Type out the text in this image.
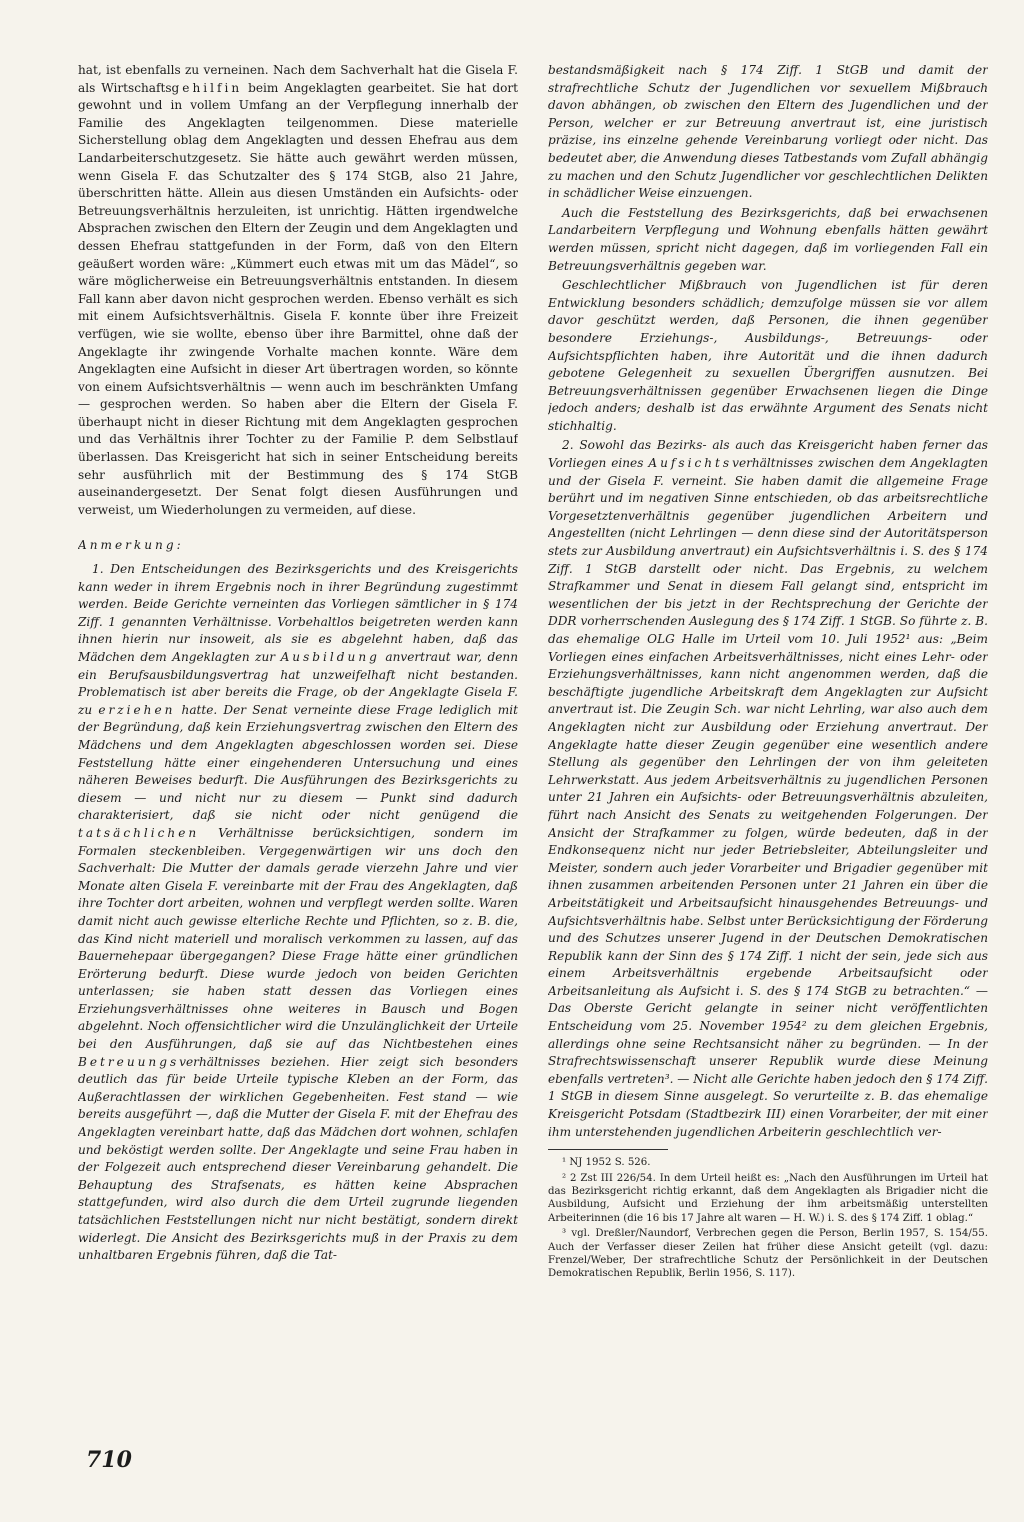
hat, ist ebenfalls zu verneinen. Nach dem Sachverhalt hat die Gisela F. als Wirtschaftsgehilfin beim Angeklagten gearbeitet. Sie hat dort gewohnt und in vollem Umfang an der Verpflegung innerhalb der Familie des Angeklagten teilgenommen. Diese materielle Sicherstellung oblag dem Angeklagten und dessen Ehefrau aus dem Landarbeiterschutzgesetz. Sie hätte auch gewährt werden müssen, wenn Gisela F. das Schutzalter des § 174 StGB, also 21 Jahre, überschritten hätte. Allein aus diesen Umständen ein Aufsichts- oder Betreuungsverhältnis herzuleiten, ist unrichtig. Hätten irgendwelche Absprachen zwischen den Eltern der Zeugin und dem Angeklagten und dessen Ehefrau stattgefunden in der Form, daß von den Eltern geäußert worden wäre: „Kümmert euch etwas mit um das Mädel“, so wäre möglicherweise ein Betreuungsverhältnis entstanden. In diesem Fall kann aber davon nicht gesprochen werden. Ebenso verhält es sich mit einem Aufsichtsverhältnis. Gisela F. konnte über ihre Freizeit verfügen, wie sie wollte, ebenso über ihre Barmittel, ohne daß der Angeklagte ihr zwingende Vorhalte machen konnte. Wäre dem Angeklagten eine Aufsicht in dieser Art übertragen worden, so könnte von einem Aufsichtsverhältnis — wenn auch im beschränkten Umfang — gesprochen werden. So haben aber die Eltern der Gisela F. überhaupt nicht in dieser Richtung mit dem Angeklagten gesprochen und das Verhältnis ihrer Tochter zu der Familie P. dem Selbstlauf überlassen. Das Kreisgericht hat sich in seiner Entscheidung bereits sehr ausführlich mit der Bestimmung des § 174 StGB auseinandergesetzt. Der Senat folgt diesen Ausführungen und verweist, um Wiederholungen zu vermeiden, auf diese.

Anmerkung:

1. Den Entscheidungen des Bezirksgerichts und des Kreisgerichts kann weder in ihrem Ergebnis noch in ihrer Begründung zugestimmt werden. Beide Gerichte verneinten das Vorliegen sämtlicher in § 174 Ziff. 1 genannten Verhältnisse. Vorbehaltlos beigetreten werden kann ihnen hierin nur insoweit, als sie es abgelehnt haben, daß das Mädchen dem Angeklagten zur Ausbildung anvertraut war, denn ein Berufsausbildungsvertrag hat unzweifelhaft nicht bestanden. Problematisch ist aber bereits die Frage, ob der Angeklagte Gisela F. zu erziehen hatte. Der Senat verneinte diese Frage lediglich mit der Begründung, daß kein Erziehungsvertrag zwischen den Eltern des Mädchens und dem Angeklagten abgeschlossen worden sei. Diese Feststellung hätte einer eingehenderen Untersuchung und eines näheren Beweises bedurft. Die Ausführungen des Bezirksgerichts zu diesem — und nicht nur zu diesem — Punkt sind dadurch charakterisiert, daß sie nicht oder nicht genügend die tatsächlichen Verhältnisse berücksichtigen, sondern im Formalen steckenbleiben. Vergegenwärtigen wir uns doch den Sachverhalt: Die Mutter der damals gerade vierzehn Jahre und vier Monate alten Gisela F. vereinbarte mit der Frau des Angeklagten, daß ihre Tochter dort arbeiten, wohnen und verpflegt werden sollte. Waren damit nicht auch gewisse elterliche Rechte und Pflichten, so z. B. die, das Kind nicht materiell und moralisch verkommen zu lassen, auf das Bauernehepaar übergegangen? Diese Frage hätte einer gründlichen Erörterung bedurft. Diese wurde jedoch von beiden Gerichten unterlassen; sie haben statt dessen das Vorliegen eines Erziehungsverhältnisses ohne weiteres in Bausch und Bogen abgelehnt. Noch offensichtlicher wird die Unzulänglichkeit der Urteile bei den Ausführungen, daß sie auf das Nichtbestehen eines Betreuungsverhältnisses beziehen. Hier zeigt sich besonders deutlich das für beide Urteile typische Kleben an der Form, das Außerachtlassen der wirklichen Gegebenheiten. Fest stand — wie bereits ausgeführt —, daß die Mutter der Gisela F. mit der Ehefrau des Angeklagten vereinbart hatte, daß das Mädchen dort wohnen, schlafen und beköstigt werden sollte. Der Angeklagte und seine Frau haben in der Folgezeit auch entsprechend dieser Vereinbarung gehandelt. Die Behauptung des Strafsenats, es hätten keine Absprachen stattgefunden, wird also durch die dem Urteil zugrunde liegenden tatsächlichen Feststellungen nicht nur nicht bestätigt, sondern direkt widerlegt. Die Ansicht des Bezirksgerichts muß in der Praxis zu dem unhaltbaren Ergebnis führen, daß die Tat-

bestandsmäßigkeit nach § 174 Ziff. 1 StGB und damit der strafrechtliche Schutz der Jugendlichen vor sexuellem Mißbrauch davon abhängen, ob zwischen den Eltern des Jugendlichen und der Person, welcher er zur Betreuung anvertraut ist, eine juristisch präzise, ins einzelne gehende Vereinbarung vorliegt oder nicht. Das bedeutet aber, die Anwendung dieses Tatbestands vom Zufall abhängig zu machen und den Schutz Jugendlicher vor geschlechtlichen Delikten in schädlicher Weise einzuengen.

Auch die Feststellung des Bezirksgerichts, daß bei erwachsenen Landarbeitern Verpflegung und Wohnung ebenfalls hätten gewährt werden müssen, spricht nicht dagegen, daß im vorliegenden Fall ein Betreuungsverhältnis gegeben war.

Geschlechtlicher Mißbrauch von Jugendlichen ist für deren Entwicklung besonders schädlich; demzufolge müssen sie vor allem davor geschützt werden, daß Personen, die ihnen gegenüber besondere Erziehungs-, Ausbildungs-, Betreuungs- oder Aufsichtspflichten haben, ihre Autorität und die ihnen dadurch gebotene Gelegenheit zu sexuellen Übergriffen ausnutzen. Bei Betreuungsverhältnissen gegenüber Erwachsenen liegen die Dinge jedoch anders; deshalb ist das erwähnte Argument des Senats nicht stichhaltig.

2. Sowohl das Bezirks- als auch das Kreisgericht haben ferner das Vorliegen eines Aufsichtsverhältnisses zwischen dem Angeklagten und der Gisela F. verneint. Sie haben damit die allgemeine Frage berührt und im negativen Sinne entschieden, ob das arbeitsrechtliche Vorgesetztenverhältnis gegenüber jugendlichen Arbeitern und Angestellten (nicht Lehrlingen — denn diese sind der Autoritätsperson stets zur Ausbildung anvertraut) ein Aufsichtsverhältnis i. S. des § 174 Ziff. 1 StGB darstellt oder nicht. Das Ergebnis, zu welchem Strafkammer und Senat in diesem Fall gelangt sind, entspricht im wesentlichen der bis jetzt in der Rechtsprechung der Gerichte der DDR vorherrschenden Auslegung des § 174 Ziff. 1 StGB. So führte z. B. das ehemalige OLG Halle im Urteil vom 10. Juli 1952¹ aus: „Beim Vorliegen eines einfachen Arbeitsverhältnisses, nicht eines Lehr- oder Erziehungsverhältnisses, kann nicht angenommen werden, daß die beschäftigte jugendliche Arbeitskraft dem Angeklagten zur Aufsicht anvertraut ist. Die Zeugin Sch. war nicht Lehrling, war also auch dem Angeklagten nicht zur Ausbildung oder Erziehung anvertraut. Der Angeklagte hatte dieser Zeugin gegenüber eine wesentlich andere Stellung als gegenüber den Lehrlingen der von ihm geleiteten Lehrwerkstatt. Aus jedem Arbeitsverhältnis zu jugendlichen Personen unter 21 Jahren ein Aufsichts- oder Betreuungsverhältnis abzuleiten, führt nach Ansicht des Senats zu weitgehenden Folgerungen. Der Ansicht der Strafkammer zu folgen, würde bedeuten, daß in der Endkonsequenz nicht nur jeder Betriebsleiter, Abteilungsleiter und Meister, sondern auch jeder Vorarbeiter und Brigadier gegenüber mit ihnen zusammen arbeitenden Personen unter 21 Jahren ein über die Arbeitstätigkeit und Arbeitsaufsicht hinausgehendes Betreuungs- und Aufsichtsverhältnis habe. Selbst unter Berücksichtigung der Förderung und des Schutzes unserer Jugend in der Deutschen Demokratischen Republik kann der Sinn des § 174 Ziff. 1 nicht der sein, jede sich aus einem Arbeitsverhältnis ergebende Arbeitsaufsicht oder Arbeitsanleitung als Aufsicht i. S. des § 174 StGB zu betrachten.“ — Das Oberste Gericht gelangte in seiner nicht veröffentlichten Entscheidung vom 25. November 1954² zu dem gleichen Ergebnis, allerdings ohne seine Rechtsansicht näher zu begründen. — In der Strafrechtswissenschaft unserer Republik wurde diese Meinung ebenfalls vertreten³. — Nicht alle Gerichte haben jedoch den § 174 Ziff. 1 StGB in diesem Sinne ausgelegt. So verurteilte z. B. das ehemalige Kreisgericht Potsdam (Stadtbezirk III) einen Vorarbeiter, der mit einer ihm unterstehenden jugendlichen Arbeiterin geschlechtlich ver-

¹ NJ 1952 S. 526.

² 2 Zst III 226/54. In dem Urteil heißt es: „Nach den Ausführungen im Urteil hat das Bezirksgericht richtig erkannt, daß dem Angeklagten als Brigadier nicht die Ausbildung, Aufsicht und Erziehung der ihm arbeitsmäßig unterstellten Arbeiterinnen (die 16 bis 17 Jahre alt waren — H. W.) i. S. des § 174 Ziff. 1 oblag.“

³ vgl. Dreßler/Naundorf, Verbrechen gegen die Person, Berlin 1957, S. 154/55. Auch der Verfasser dieser Zeilen hat früher diese Ansicht geteilt (vgl. dazu: Frenzel/Weber, Der strafrechtliche Schutz der Persönlichkeit in der Deutschen Demokratischen Republik, Berlin 1956, S. 117).

710
